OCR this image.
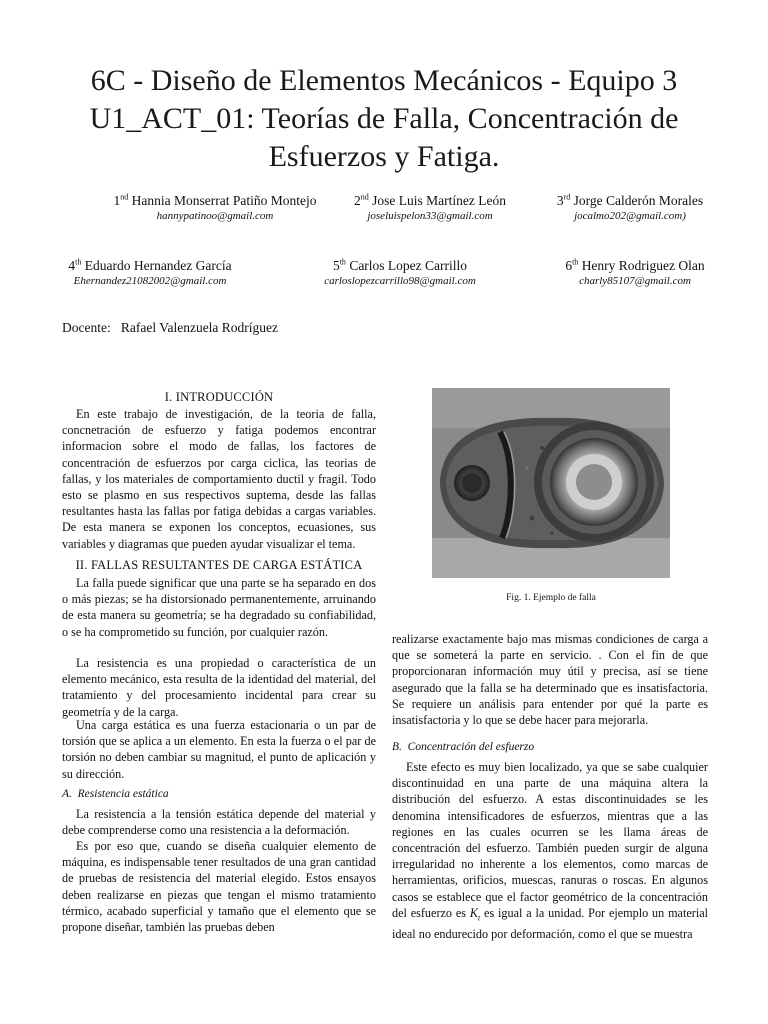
6C - Diseño de Elementos Mecánicos - Equipo 3
U1_ACT_01: Teorías de Falla, Concentración de
Esfuerzos y Fatiga.
1nd Hannia Monserrat Patiño Montejo
hannypatinoo@gmail.com
2nd Jose Luis Martínez León
joseluispelon33@gmail.com
3rd Jorge Calderón Morales
jocalmo202@gmail.com)
4th Eduardo Hernandez García
Ehernandez21082002@gmail.com
5th Carlos Lopez Carrillo
carloslopezcarrillo98@gmail.com
6th Henry Rodriguez Olan
charly85107@gmail.com
Docente:   Rafael Valenzuela Rodríguez
I. INTRODUCCIÓN
En este trabajo de investigación, de la teoria de falla, concnetración de esfuerzo y fatiga podemos encontrar informacion sobre el modo de fallas, los factores de concentración de esfuerzos por carga ciclica, las teorias de fallas, y los materiales de comportamiento ductil y fragil. Todo esto se plasmo en sus respectivos suptema, desde las fallas resultantes hasta las fallas por fatiga debidas a cargas variables. De esta manera se exponen los conceptos, ecuasiones, sus variables y diagramas que pueden ayudar visualizar el tema.
II. FALLAS RESULTANTES DE CARGA ESTÁTICA
La falla puede significar que una parte se ha separado en dos o más piezas; se ha distorsionado permanentemente, arruinando de esta manera su geometría; se ha degradado su confiabilidad, o se ha comprometido su función, por cualquier razón.
La resistencia es una propiedad o característica de un elemento mecánico, esta resulta de la identidad del material, del tratamiento y del procesamiento incidental para crear su geometría y de la carga.
Una carga estática es una fuerza estacionaria o un par de torsión que se aplica a un elemento. En esta la fuerza o el par de torsión no deben cambiar su magnitud, el punto de aplicación y su dirección.
A.  Resistencia estática
La resistencia a la tensión estática depende del material y debe comprenderse como una resistencia a la deformación.
Es por eso que, cuando se diseña cualquier elemento de máquina, es indispensable tener resultados de una gran cantidad de pruebas de resistencia del material elegido. Estos ensayos deben realizarse en piezas que tengan el mismo tratamiento térmico, acabado superficial y tamaño que el elemento que se propone diseñar, también las pruebas deben
Fig. 1. Ejemplo de falla
realizarse exactamente bajo mas mismas condiciones de carga a que se someterá la parte en servicio. . Con el fin de que proporcionaran información muy útil y precisa, así se tiene asegurado que la falla se ha determinado que es insatisfactoria. Se requiere un análisis para entender por qué la parte es insatisfactoria y lo que se debe hacer para mejorarla.
B.  Concentración del esfuerzo
Este efecto es muy bien localizado, ya que se sabe cualquier discontinuidad en una parte de una máquina altera la distribución del esfuerzo. A estas discontinuidades se les denomina intensificadores de esfuerzos, mientras que a las regiones en las cuales ocurren se les llama áreas de concentración del esfuerzo. También pueden surgir de alguna irregularidad no inherente a los elementos, como marcas de herramientas, orificios, muescas, ranuras o roscas. En algunos casos se establece que el factor geométrico de la concentración del esfuerzo es $K_t$ es igual a la unidad. Por ejemplo un material ideal no endurecido por deformación, como el que se muestra
